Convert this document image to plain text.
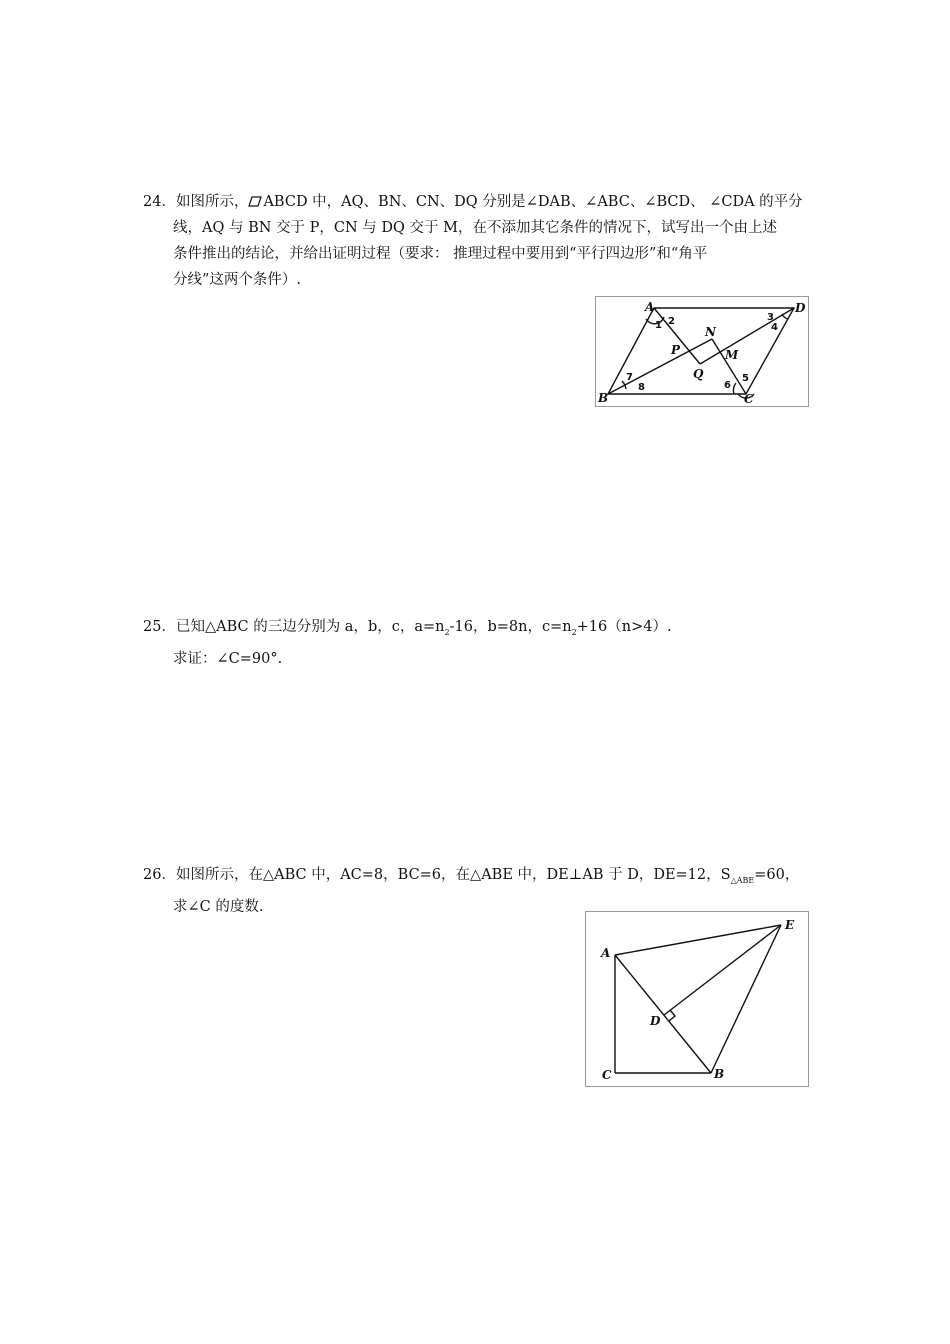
24．如图所示， ABCD 中，AQ、BN、CN、DQ 分别是∠DAB、∠ABC、∠BCD、 ∠CDA 的平分
线，AQ 与 BN 交于 P，CN 与 DQ 交于 M，在不添加其它条件的情况下，试写出一个由上述
条件推出的结论，并给出证明过程（要求： 推理过程中要用到“平行四边形”和“角平
分线”这两个条件）.
A	D
B	C
N
P
Q
M
1 2	3
4
5
6
7
8
25．已知△ABC 的三边分别为 a，b，c，$a=n_2-16$，b=8n，$c=n_2+16(n>4)$.
求证：∠C=90°.
26．如图所示，在△ABC 中，AC=8，BC=6，在△ABE 中，DE⊥AB 于 D，DE=12，$S_{\triangle ABE}=60$，
求∠C 的度数.
A
E
D
C	B
